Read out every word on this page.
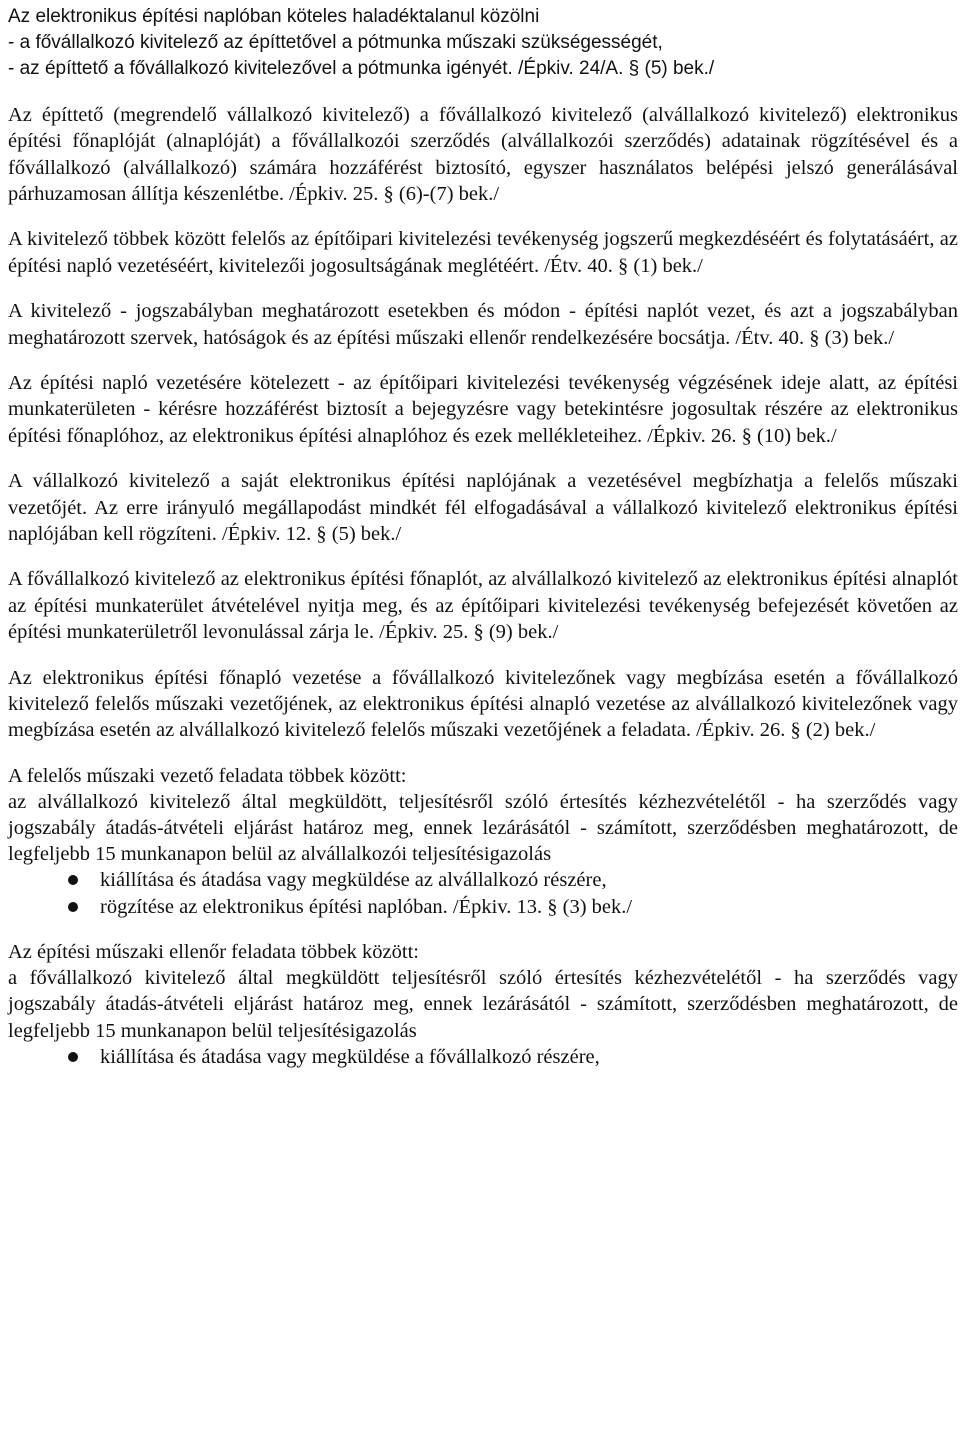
Az elektronikus építési naplóban köteles haladéktalanul közölni
- a fővállalkozó kivitelező az építtetővel a pótmunka műszaki szükségességét,
- az építtető a fővállalkozó kivitelezővel a pótmunka igényét. /Épkiv. 24/A. § (5) bek./

Az építtető (megrendelő vállalkozó kivitelező) a fővállalkozó kivitelező (alvállalkozó kivitelező) elektronikus építési főnaplóját (alnaplóját) a fővállalkozói szerződés (alvállalkozói szerződés) adatainak rögzítésével és a fővállalkozó (alvállalkozó) számára hozzáférést biztosító, egyszer használatos belépési jelszó generálásával párhuzamosan állítja készenlétbe. /Épkiv. 25. § (6)-(7) bek./

A kivitelező többek között felelős az építőipari kivitelezési tevékenység jogszerű megkezdéséért és folytatásáért, az építési napló vezetéséért, kivitelezői jogosultságának meglétéért. /Étv. 40. § (1) bek./

A kivitelező - jogszabályban meghatározott esetekben és módon - építési naplót vezet, és azt a jogszabályban meghatározott szervek, hatóságok és az építési műszaki ellenőr rendelkezésére bocsátja. /Étv. 40. § (3) bek./

Az építési napló vezetésére kötelezett - az építőipari kivitelezési tevékenység végzésének ideje alatt, az építési munkaterületen - kérésre hozzáférést biztosít a bejegyzésre vagy betekintésre jogosultak részére az elektronikus építési főnaplóhoz, az elektronikus építési alnaplóhoz és ezek mellékleteihez. /Épkiv. 26. § (10) bek./

A vállalkozó kivitelező a saját elektronikus építési naplójának a vezetésével megbízhatja a felelős műszaki vezetőjét. Az erre irányuló megállapodást mindkét fél elfogadásával a vállalkozó kivitelező elektronikus építési naplójában kell rögzíteni. /Épkiv. 12. § (5) bek./

A fővállalkozó kivitelező az elektronikus építési főnaplót, az alvállalkozó kivitelező az elektronikus építési alnaplót az építési munkaterület átvételével nyitja meg, és az építőipari kivitelezési tevékenység befejezését követően az építési munkaterületről levonulással zárja le. /Épkiv. 25. § (9) bek./

Az elektronikus építési főnapló vezetése a fővállalkozó kivitelezőnek vagy megbízása esetén a fővállalkozó kivitelező felelős műszaki vezetőjének, az elektronikus építési alnapló vezetése az alvállalkozó kivitelezőnek vagy megbízása esetén az alvállalkozó kivitelező felelős műszaki vezetőjének a feladata. /Épkiv. 26. § (2) bek./

A felelős műszaki vezető feladata többek között:

az alvállalkozó kivitelező által megküldött, teljesítésről szóló értesítés kézhezvételétől - ha szerződés vagy jogszabály átadás-átvételi eljárást határoz meg, ennek lezárásától - számított, szerződésben meghatározott, de legfeljebb 15 munkanapon belül az alvállalkozói teljesítésigazolás

kiállítása és átadása vagy megküldése az alvállalkozó részére,
rögzítése az elektronikus építési naplóban. /Épkiv. 13. § (3) bek./

Az építési műszaki ellenőr feladata többek között:

a fővállalkozó kivitelező által megküldött teljesítésről szóló értesítés kézhezvételétől - ha szerződés vagy jogszabály átadás-átvételi eljárást határoz meg, ennek lezárásától - számított, szerződésben meghatározott, de legfeljebb 15 munkanapon belül teljesítésigazolás

kiállítása és átadása vagy megküldése a fővállalkozó részére,
